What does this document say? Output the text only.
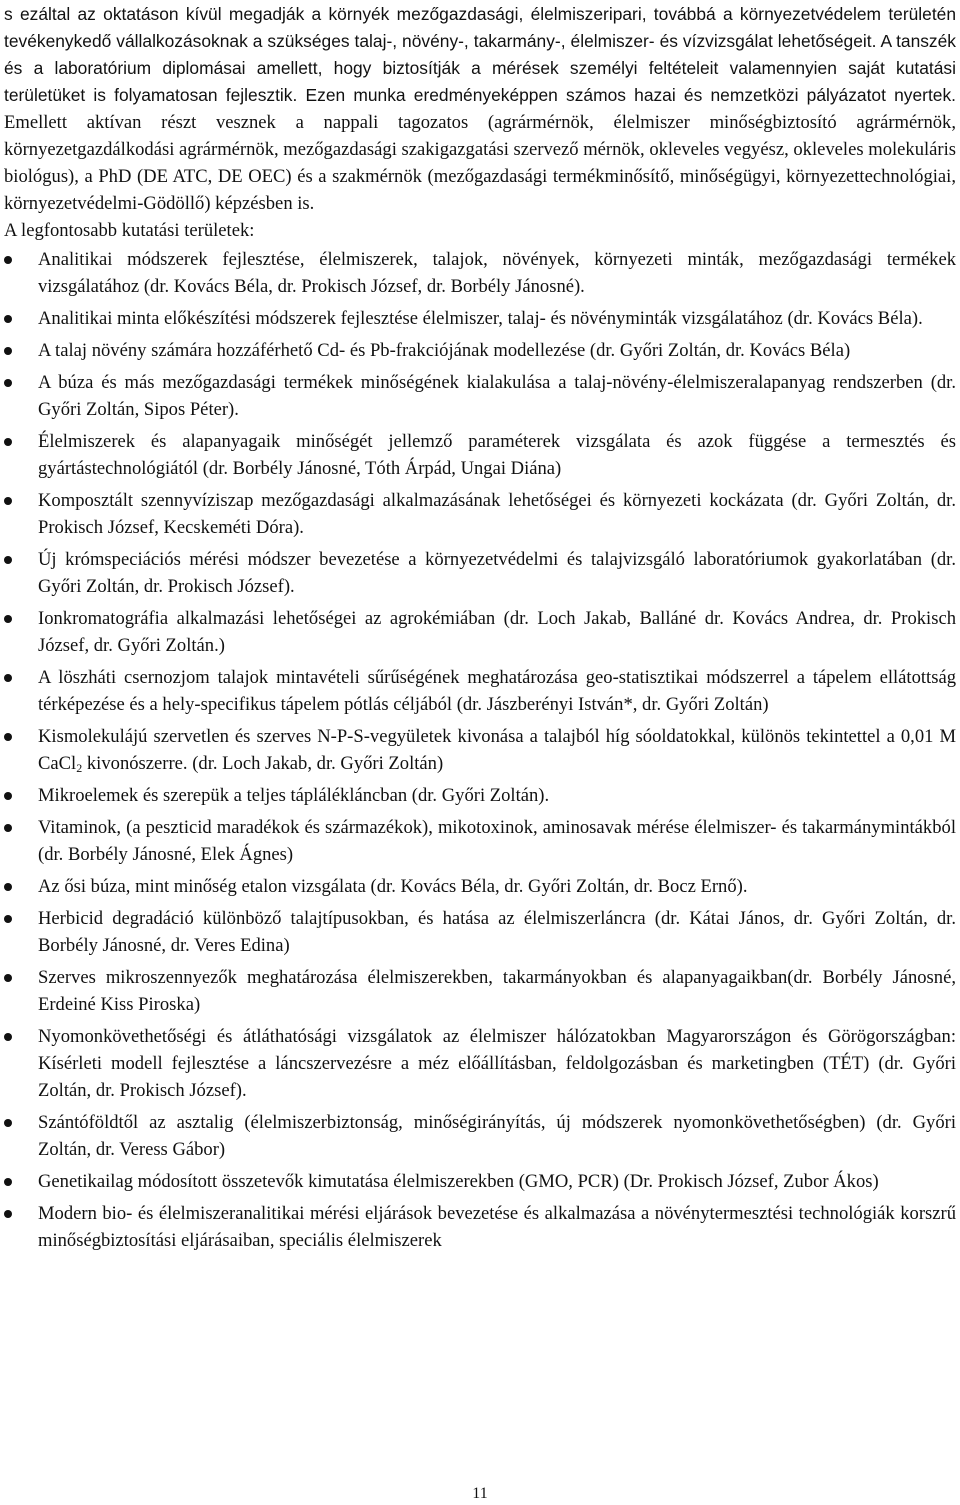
s ezáltal az oktatáson kívül megadják a környék mezőgazdasági, élelmiszeripari, továbbá a környezetvédelem területén tevékenykedő vállalkozásoknak a szükséges talaj-, növény-, takarmány-, élelmiszer- és vízvizsgálat lehetőségeit. A tanszék és a laboratórium diplomásai amellett, hogy biztosítják a mérések személyi feltételeit valamennyien saját kutatási területüket is folyamatosan fejlesztik. Ezen munka eredményeképpen számos hazai és nemzetközi pályázatot nyertek. Emellett aktívan részt vesznek a nappali tagozatos (agrármérnök, élelmiszer minőségbiztosító agrármérnök, környezetgazdálkodási agrármérnök, mezőgazdasági szakigazgatási szervező mérnök, okleveles vegyész, okleveles molekuláris biológus), a PhD (DE ATC, DE OEC) és a szakmérnök (mezőgazdasági termékminősítő, minőségügyi, környezettechnológiai, környezetvédelmi-Gödöllő) képzésben is.

A legfontosabb kutatási területek:

Analitikai módszerek fejlesztése, élelmiszerek, talajok, növények, környezeti minták, mezőgazdasági termékek vizsgálatához (dr. Kovács Béla, dr. Prokisch József, dr. Borbély Jánosné).
Analitikai minta előkészítési módszerek fejlesztése élelmiszer, talaj- és növényminták vizsgálatához (dr. Kovács Béla).
A talaj növény számára hozzáférhető Cd- és Pb-frakciójának modellezése (dr. Győri Zoltán, dr. Kovács Béla)
A búza és más mezőgazdasági termékek minőségének kialakulása a talaj-növény-élelmiszeralapanyag rendszerben (dr. Győri Zoltán, Sipos Péter).
Élelmiszerek és alapanyagaik minőségét jellemző paraméterek vizsgálata és azok függése a termesztés és gyártástechnológiától (dr. Borbély Jánosné, Tóth Árpád, Ungai Diána)
Komposztált szennyvíziszap mezőgazdasági alkalmazásának lehetőségei és környezeti kockázata (dr. Győri Zoltán, dr. Prokisch József, Kecskeméti Dóra).
Új krómspeciációs mérési módszer bevezetése a környezetvédelmi és talajvizsgáló laboratóriumok gyakorlatában (dr. Győri Zoltán, dr. Prokisch József).
Ionkromatográfia alkalmazási lehetőségei az agrokémiában (dr. Loch Jakab, Balláné dr. Kovács Andrea, dr. Prokisch József, dr. Győri Zoltán.)
A löszháti csernozjom talajok mintavételi sűrűségének meghatározása geo-statisztikai módszerrel a tápelem ellátottság térképezése és a hely-specifikus tápelem pótlás céljából (dr. Jászberényi István*, dr. Győri Zoltán)
Kismolekulájú szervetlen és szerves N-P-S-vegyületek kivonása a talajból híg sóoldatokkal, különös tekintettel a 0,01 M CaCl$_2$ kivonószerre. (dr. Loch Jakab, dr. Győri Zoltán)
Mikroelemek és szerepük a teljes táplálékláncban (dr. Győri Zoltán).
Vitaminok, (a peszticid maradékok és származékok), mikotoxinok, aminosavak mérése élelmiszer- és takarmánymintákból (dr. Borbély Jánosné, Elek Ágnes)
Az ősi búza, mint minőség etalon vizsgálata (dr. Kovács Béla, dr. Győri Zoltán, dr. Bocz Ernő).
Herbicid degradáció különböző talajtípusokban, és hatása az élelmiszerláncra (dr. Kátai János, dr. Győri Zoltán, dr. Borbély Jánosné, dr. Veres Edina)
Szerves mikroszennyezők meghatározása élelmiszerekben, takarmányokban és alapanyagaikban(dr. Borbély Jánosné, Erdeiné Kiss Piroska)
Nyomonkövethetőségi és átláthatósági vizsgálatok az élelmiszer hálózatokban Magyarországon és Görögországban: Kísérleti modell fejlesztése a láncszervezésre a méz előállításban, feldolgozásban és marketingben (TÉT) (dr. Győri Zoltán, dr. Prokisch József).
Szántóföldtől az asztalig (élelmiszerbiztonság, minőségirányítás, új módszerek nyomonkövethetőségben) (dr. Győri Zoltán, dr. Veress Gábor)
Genetikailag módosított összetevők kimutatása élelmiszerekben (GMO, PCR) (Dr. Prokisch József, Zubor Ákos)
Modern bio- és élelmiszeranalitikai mérési eljárások bevezetése és alkalmazása a növénytermesztési technológiák korszrű minőségbiztosítási eljárásaiban, speciális élelmiszerek
11
